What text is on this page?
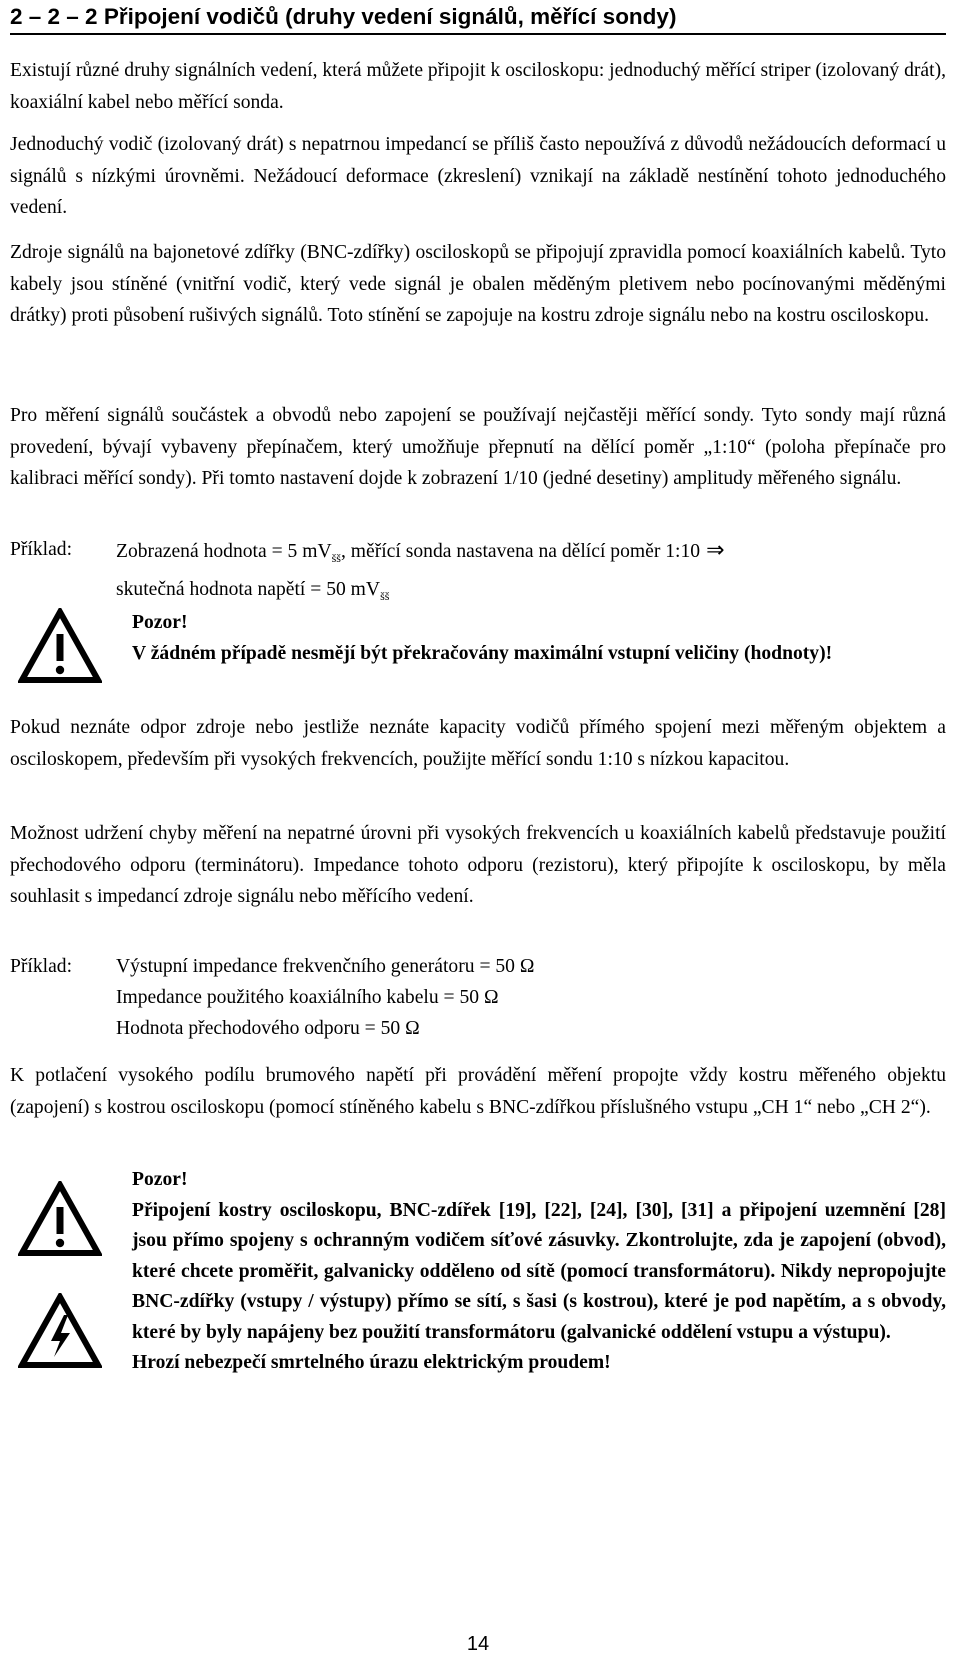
2 – 2 – 2 Připojení vodičů (druhy vedení signálů, měřící sondy)
Existují různé druhy signálních vedení, která můžete připojit k osciloskopu: jednoduchý měřící striper (izolovaný drát), koaxiální kabel nebo měřící sonda.
Jednoduchý vodič (izolovaný drát) s nepatrnou impedancí se příliš často nepoužívá z důvodů nežádoucích deformací u signálů s nízkými úrovněmi. Nežádoucí deformace (zkreslení) vznikají na základě nestínění tohoto jednoduchého vedení.
Zdroje signálů na bajonetové zdířky (BNC-zdířky) osciloskopů se připojují zpravidla pomocí koaxiálních kabelů. Tyto kabely jsou stíněné (vnitřní vodič, který vede signál je obalen měděným pletivem nebo pocínovanými měděnými drátky) proti působení rušivých signálů. Toto stínění se zapojuje na kostru zdroje signálu nebo na kostru osciloskopu.
Pro měření signálů součástek a obvodů nebo zapojení se používají nejčastěji měřící sondy. Tyto sondy mají různá provedení, bývají vybaveny přepínačem, který umožňuje přepnutí na dělící poměr „1:10“ (poloha přepínače pro kalibraci měřící sondy). Při tomto nastavení dojde k zobrazení 1/10 (jedné desetiny) amplitudy měřeného signálu.
Příklad: Zobrazená hodnota = 5 $mV_{šš}$, měřící sonda nastavena na dělící poměr 1:10 ⇒
skutečná hodnota napětí = 50 $mV_{šš}$
Pozor!
V žádném případě nesmějí být překračovány maximální vstupní veličiny (hodnoty)!
Pokud neznáte odpor zdroje nebo jestliže neznáte kapacity vodičů přímého spojení mezi měřeným objektem a osciloskopem, především při vysokých frekvencích, použijte měřící sondu 1:10 s nízkou kapacitou.
Možnost udržení chyby měření na nepatrné úrovni při vysokých frekvencích u koaxiálních kabelů představuje použití přechodového odporu (terminátoru). Impedance tohoto odporu (rezistoru), který připojíte k osciloskopu, by měla souhlasit s impedancí zdroje signálu nebo měřícího vedení.
Příklad: Výstupní impedance frekvenčního generátoru = 50 Ω
Impedance použitého koaxiálního kabelu = 50 Ω
Hodnota přechodového odporu = 50 Ω
K potlačení vysokého podílu brumového napětí při provádění měření propojte vždy kostru měřeného objektu (zapojení) s kostrou osciloskopu (pomocí stíněného kabelu s BNC-zdířkou příslušného vstupu „CH 1“ nebo „CH 2“).
Pozor!
Připojení kostry osciloskopu, BNC-zdířek [19], [22], [24], [30], [31] a připojení uzemnění [28] jsou přímo spojeny s ochranným vodičem síťové zásuvky. Zkontrolujte, zda je zapojení (obvod), které chcete proměřit, galvanicky odděleno od sítě (pomocí transformátoru). Nikdy nepropojujte BNC-zdířky (vstupy / výstupy) přímo se sítí, s šasi (s kostrou), které je pod napětím, a s obvody, které by byly napájeny bez použití transformátoru (galvanické oddělení vstupu a výstupu).
Hrozí nebezpečí smrtelného úrazu elektrickým proudem!
14
